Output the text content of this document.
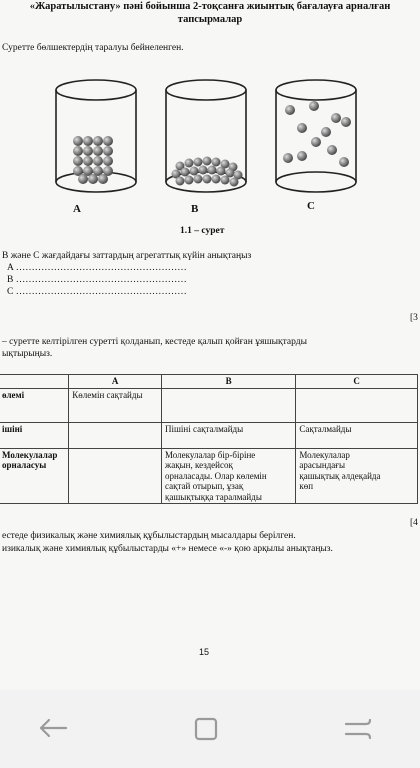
«Жаратылыстану» пәні бойынша 2-тоқсанға жиынтық бағалауға арналған
тапсырмалар
Суретте бөлшектердің таралуы бейнеленген.
A	B	C
1.1 – сурет
В және С жағдайдағы заттардың агрегаттық күйін анықтаңыз
A ………………………………………………
B ………………………………………………
C ………………………………………………
[3
– суретте келтірілген суретті қолданып, кестеде қалып қойған ұяшықтарды
ықтырыңыз.
	A	B	C
өлемі	Көлемін сақтайды		
ішіні		Пішіні сақталмайды	Сақталмайды
Молекулалар
орналасуы		Молекулалар бір-біріне
жақын, кездейсоқ
орналасады. Олар көлемін
сақтай отырып, ұзақ
қашықтыққа таралмайды	Молекулалар
арасындағы
қашықтық әлдеқайда
көп
[4
естеде физикалық және химиялық құбылыстардың мысалдары берілген.
изикалық және химиялық құбылыстарды «+» немесе «-» қою арқылы анықтаңыз.
15
